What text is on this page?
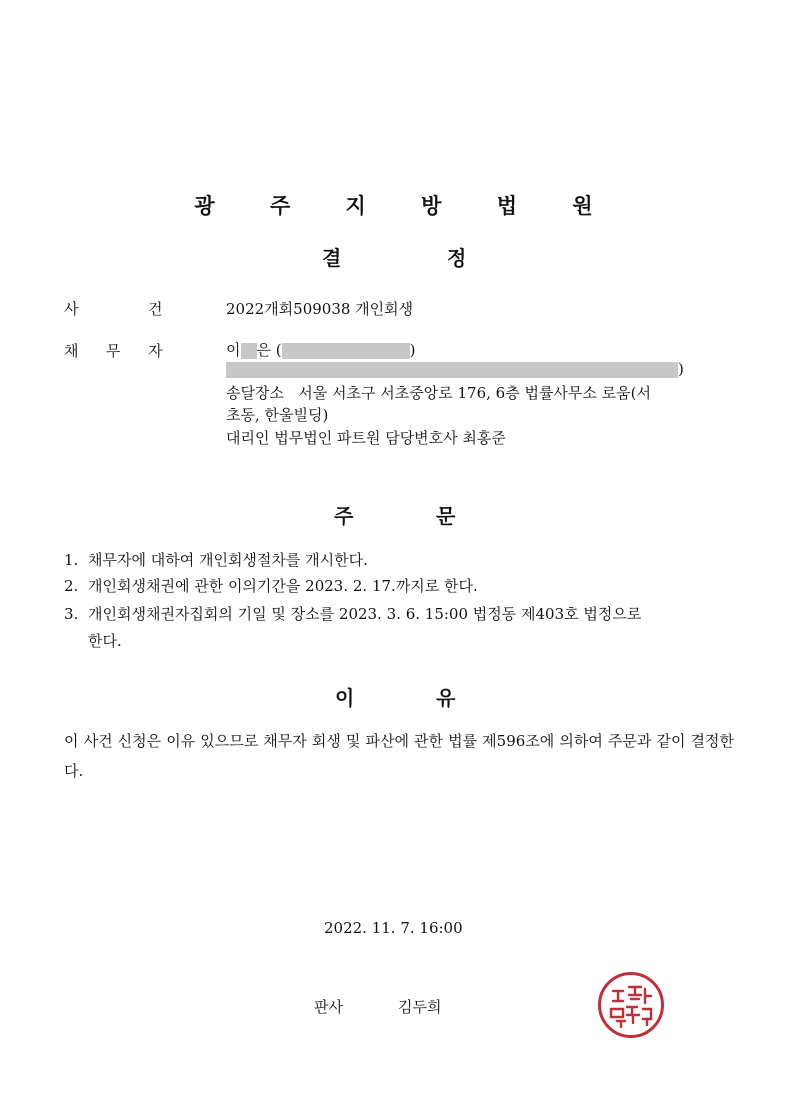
광 주 지 방 법 원
결	정
사	건	2022개회509038 개인회생
채 무 자	이 은 (	)
)
송달장소 서울 서초구 서초중앙로 176, 6층 법률사무소 로움(서
초동, 한울빌딩)
대리인 법무법인 파트원 담당변호사 최홍준
주	문
1. 채무자에 대하여 개인회생절차를 개시한다.
2. 개인회생채권에 관한 이의기간을 2023. 2. 17.까지로 한다.
3. 개인회생채권자집회의 기일 및 장소를 2023. 3. 6. 15:00 법정동 제403호 법정으로
한다.
이	유
이 사건 신청은 이유 있으므로 채무자 회생 및 파산에 관한 법률 제596조에 의하여 주문과 같이 결정한다.
2022. 11. 7. 16:00
판사	김두희
